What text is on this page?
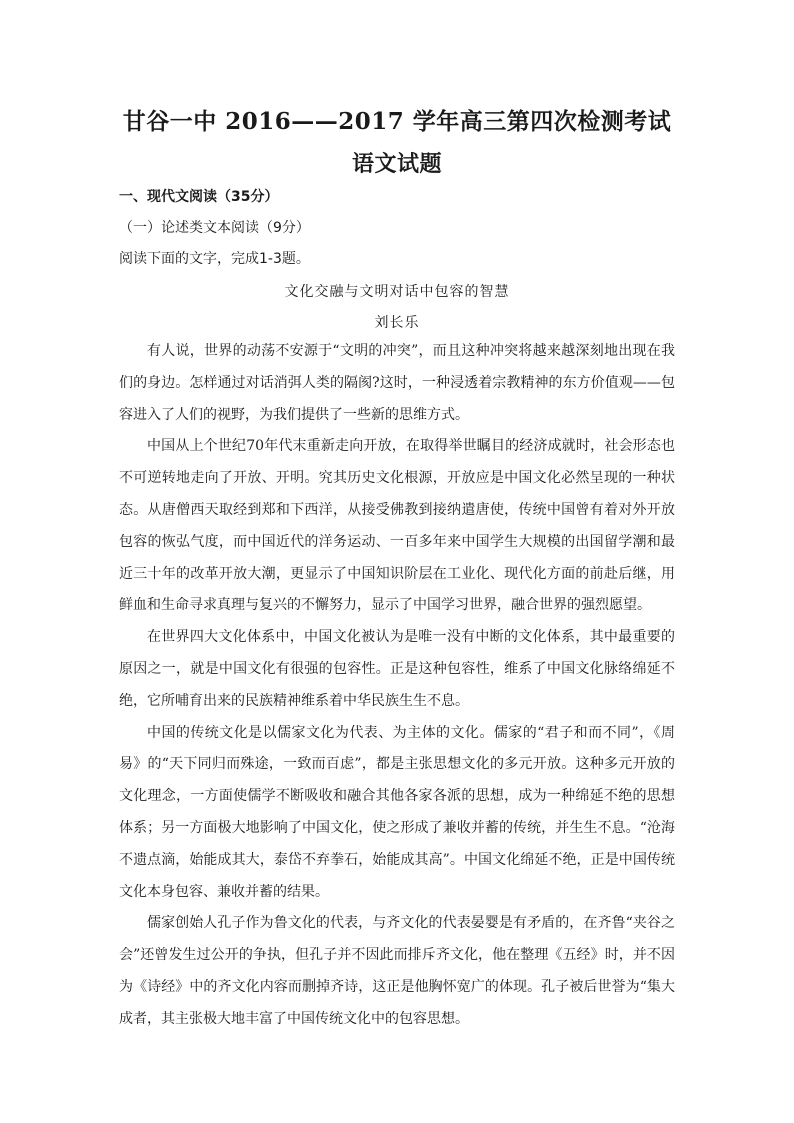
甘谷一中 2016——2017 学年高三第四次检测考试
语文试题
一、现代文阅读（35分）
（一）论述类文本阅读（9分）
阅读下面的文字，完成1-3题。
文化交融与文明对话中包容的智慧
刘长乐

有人说，世界的动荡不安源于“文明的冲突”，而且这种冲突将越来越深刻地出现在我们的身边。怎样通过对话消弭人类的隔阂?这时，一种浸透着宗教精神的东方价值观——包容进入了人们的视野，为我们提供了一些新的思维方式。

中国从上个世纪70年代末重新走向开放，在取得举世瞩目的经济成就时，社会形态也不可逆转地走向了开放、开明。究其历史文化根源，开放应是中国文化必然呈现的一种状态。从唐僧西天取经到郑和下西洋，从接受佛教到接纳遣唐使，传统中国曾有着对外开放包容的恢弘气度，而中国近代的洋务运动、一百多年来中国学生大规模的出国留学潮和最近三十年的改革开放大潮，更显示了中国知识阶层在工业化、现代化方面的前赴后继，用鲜血和生命寻求真理与复兴的不懈努力，显示了中国学习世界，融合世界的强烈愿望。

在世界四大文化体系中，中国文化被认为是唯一没有中断的文化体系，其中最重要的原因之一，就是中国文化有很强的包容性。正是这种包容性，维系了中国文化脉络绵延不绝，它所哺育出来的民族精神维系着中华民族生生不息。

中国的传统文化是以儒家文化为代表、为主体的文化。儒家的“君子和而不同”，《周易》的“天下同归而殊途，一致而百虑”，都是主张思想文化的多元开放。这种多元开放的文化理念，一方面使儒学不断吸收和融合其他各家各派的思想，成为一种绵延不绝的思想体系；另一方面极大地影响了中国文化，使之形成了兼收并蓄的传统，并生生不息。“沧海不遗点滴，始能成其大，泰岱不弃拳石，始能成其高”。中国文化绵延不绝，正是中国传统文化本身包容、兼收并蓄的结果。

儒家创始人孔子作为鲁文化的代表，与齐文化的代表晏婴是有矛盾的，在齐鲁“夹谷之会”还曾发生过公开的争执，但孔子并不因此而排斥齐文化，他在整理《五经》时，并不因为《诗经》中的齐文化内容而删掉齐诗，这正是他胸怀宽广的体现。孔子被后世誉为“集大成者，其主张极大地丰富了中国传统文化中的包容思想。
